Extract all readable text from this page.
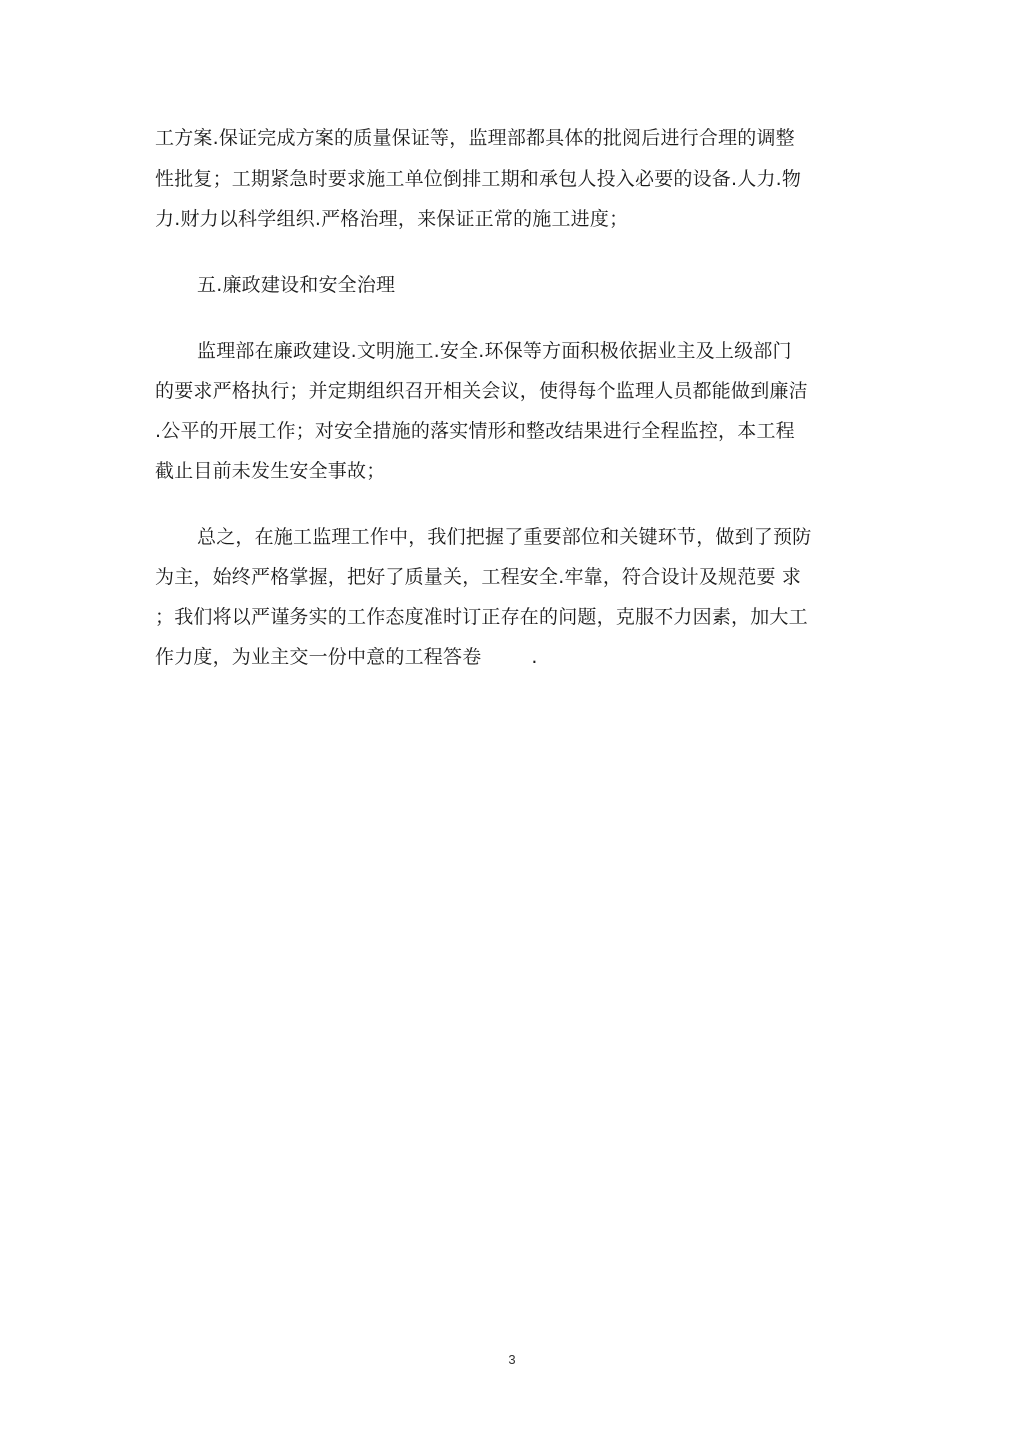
工方案.保证完成方案的质量保证等，监理部都具体的批阅后进行合理的调整
性批复；工期紧急时要求施工单位倒排工期和承包人投入必要的设备.人力.物
力.财力以科学组织.严格治理，来保证正常的施工进度；
五.廉政建设和安全治理
监理部在廉政建设.文明施工.安全.环保等方面积极依据业主及上级部门
的要求严格执行；并定期组织召开相关会议，使得每个监理人员都能做到廉洁
.公平的开展工作；对安全措施的落实情形和整改结果进行全程监控，本工程
截止目前未发生安全事故；
总之，在施工监理工作中，我们把握了重要部位和关键环节，做到了预防
为主，始终严格掌握，把好了质量关，工程安全.牢靠，符合设计及规范要 求
；我们将以严谨务实的工作态度准时订正存在的问题，克服不力因素，加大工
作力度，为业主交一份中意的工程答卷        .
3
